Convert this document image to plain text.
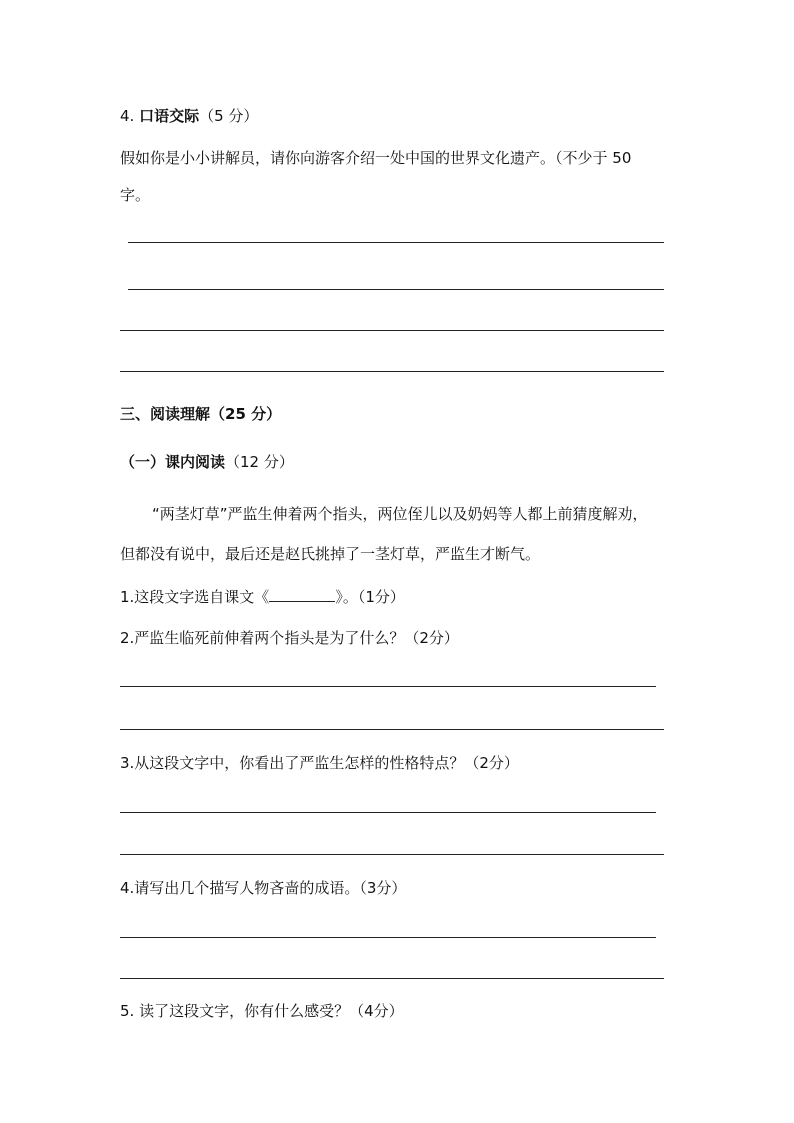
4. 口语交际（5 分）
假如你是小小讲解员，请你向游客介绍一处中国的世界文化遗产。（不少于 50
字。
三、阅读理解（25 分）
（一）课内阅读（12 分）
“两茎灯草”严监生伸着两个指头，两位侄儿以及奶妈等人都上前猜度解劝，
但都没有说中，最后还是赵氏挑掉了一茎灯草，严监生才断气。
1.这段文字选自课文《	》。（1分）
2.严监生临死前伸着两个指头是为了什么？（2分）
3.从这段文字中，你看出了严监生怎样的性格特点？（2分）
4.请写出几个描写人物吝啬的成语。（3分）
5. 读了这段文字，你有什么感受？（4分）
